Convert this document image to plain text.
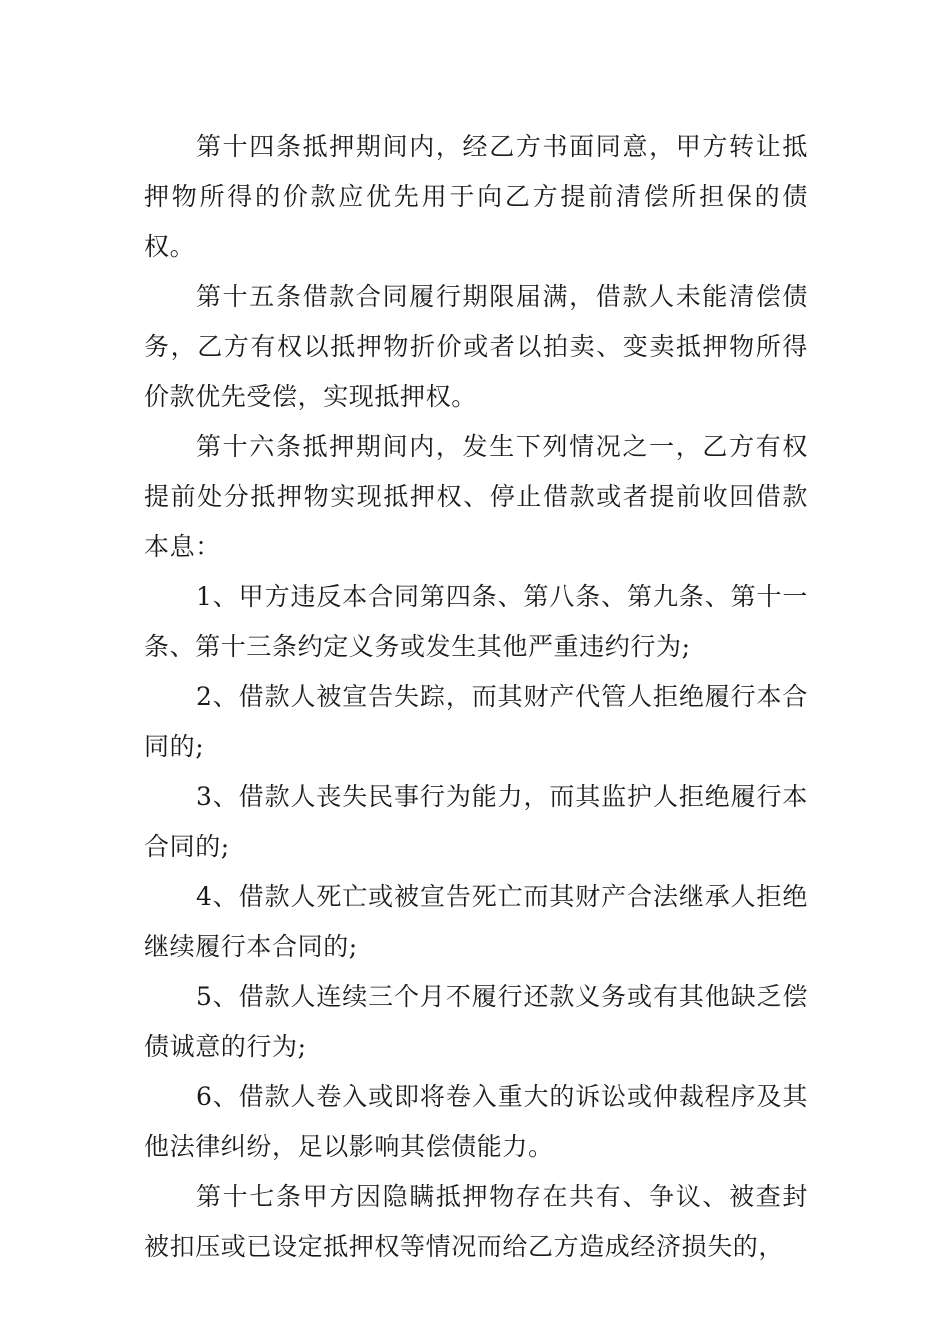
第十四条抵押期间内，经乙方书面同意，甲方转让抵押物所得的价款应优先用于向乙方提前清偿所担保的债权。

第十五条借款合同履行期限届满，借款人未能清偿债务，乙方有权以抵押物折价或者以拍卖、变卖抵押物所得价款优先受偿，实现抵押权。

第十六条抵押期间内，发生下列情况之一，乙方有权提前处分抵押物实现抵押权、停止借款或者提前收回借款本息：

1、甲方违反本合同第四条、第八条、第九条、第十一条、第十三条约定义务或发生其他严重违约行为;

2、借款人被宣告失踪，而其财产代管人拒绝履行本合同的;

3、借款人丧失民事行为能力，而其监护人拒绝履行本合同的;

4、借款人死亡或被宣告死亡而其财产合法继承人拒绝继续履行本合同的;

5、借款人连续三个月不履行还款义务或有其他缺乏偿债诚意的行为;

6、借款人卷入或即将卷入重大的诉讼或仲裁程序及其他法律纠纷，足以影响其偿债能力。

第十七条甲方因隐瞒抵押物存在共有、争议、被查封被扣压或已设定抵押权等情况而给乙方造成经济损失的，
